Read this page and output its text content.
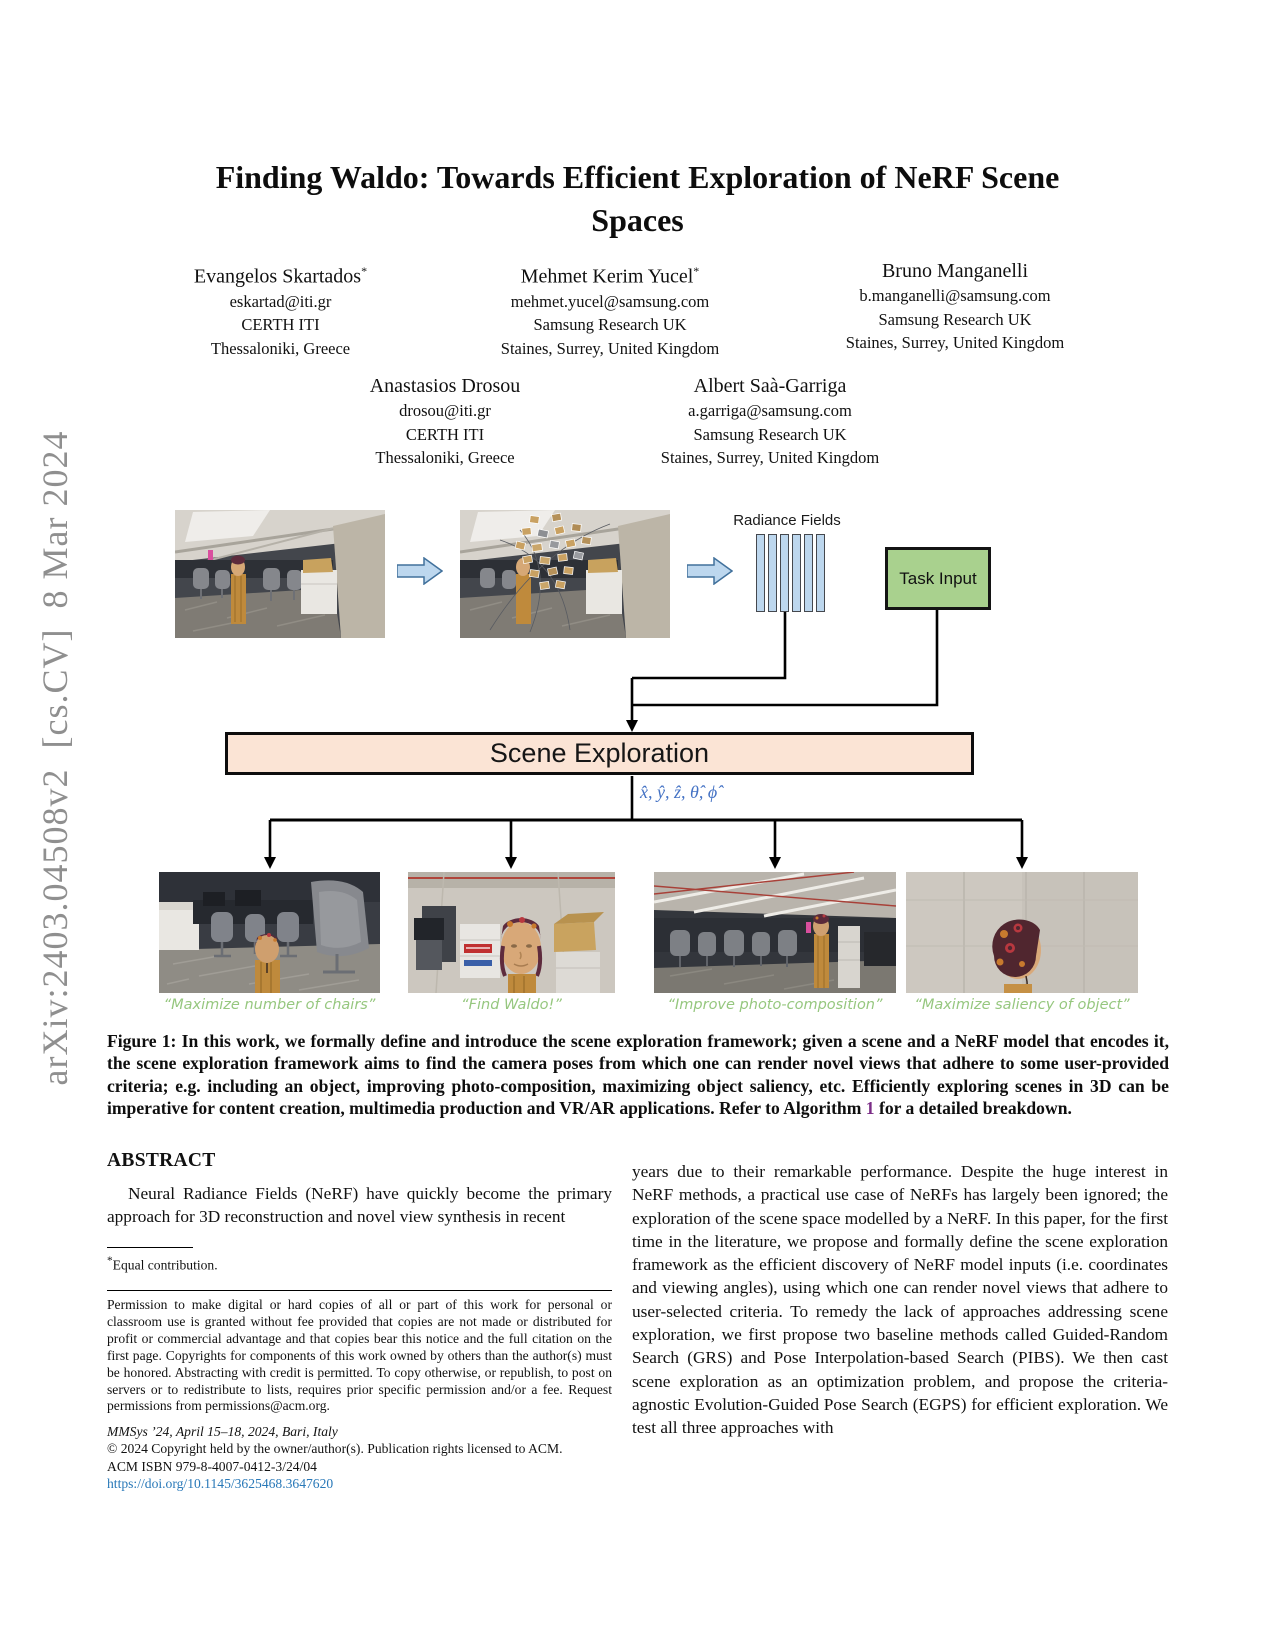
arXiv:2403.04508v2  [cs.CV]  8 Mar 2024
Finding Waldo: Towards Efficient Exploration of NeRF Scene
Spaces
Evangelos Skartados*
eskartad@iti.gr
CERTH ITI
Thessaloniki, Greece
Mehmet Kerim Yucel*
mehmet.yucel@samsung.com
Samsung Research UK
Staines, Surrey, United Kingdom
Bruno Manganelli
b.manganelli@samsung.com
Samsung Research UK
Staines, Surrey, United Kingdom
Anastasios Drosou
drosou@iti.gr
CERTH ITI
Thessaloniki, Greece
Albert Saà-Garriga
a.garriga@samsung.com
Samsung Research UK
Staines, Surrey, United Kingdom
Radiance Fields
Task Input
Scene Exploration
x̂, ŷ, ẑ, θ̂, ϕ̂
“Maximize number of chairs”	“Find Waldo!”	“Improve photo-composition”	“Maximize saliency of object”
Figure 1: In this work, we formally define and introduce the scene exploration framework; given a scene and a NeRF model that encodes it, the scene exploration framework aims to find the camera poses from which one can render novel views that adhere to some user-provided criteria; e.g. including an object, improving photo-composition, maximizing object saliency, etc. Efficiently exploring scenes in 3D can be imperative for content creation, multimedia production and VR/AR applications. Refer to Algorithm 1 for a detailed breakdown.
ABSTRACT
Neural Radiance Fields (NeRF) have quickly become the primary approach for 3D reconstruction and novel view synthesis in recent
*Equal contribution.
Permission to make digital or hard copies of all or part of this work for personal or classroom use is granted without fee provided that copies are not made or distributed for profit or commercial advantage and that copies bear this notice and the full citation on the first page. Copyrights for components of this work owned by others than the author(s) must be honored. Abstracting with credit is permitted. To copy otherwise, or republish, to post on servers or to redistribute to lists, requires prior specific permission and/or a fee. Request permissions from permissions@acm.org.
MMSys ’24, April 15–18, 2024, Bari, Italy
© 2024 Copyright held by the owner/author(s). Publication rights licensed to ACM.
ACM ISBN 979-8-4007-0412-3/24/04
https://doi.org/10.1145/3625468.3647620
years due to their remarkable performance. Despite the huge interest in NeRF methods, a practical use case of NeRFs has largely been ignored; the exploration of the scene space modelled by a NeRF. In this paper, for the first time in the literature, we propose and formally define the scene exploration framework as the efficient discovery of NeRF model inputs (i.e. coordinates and viewing angles), using which one can render novel views that adhere to user-selected criteria. To remedy the lack of approaches addressing scene exploration, we first propose two baseline methods called Guided-Random Search (GRS) and Pose Interpolation-based Search (PIBS). We then cast scene exploration as an optimization problem, and propose the criteria-agnostic Evolution-Guided Pose Search (EGPS) for efficient exploration. We test all three approaches with
